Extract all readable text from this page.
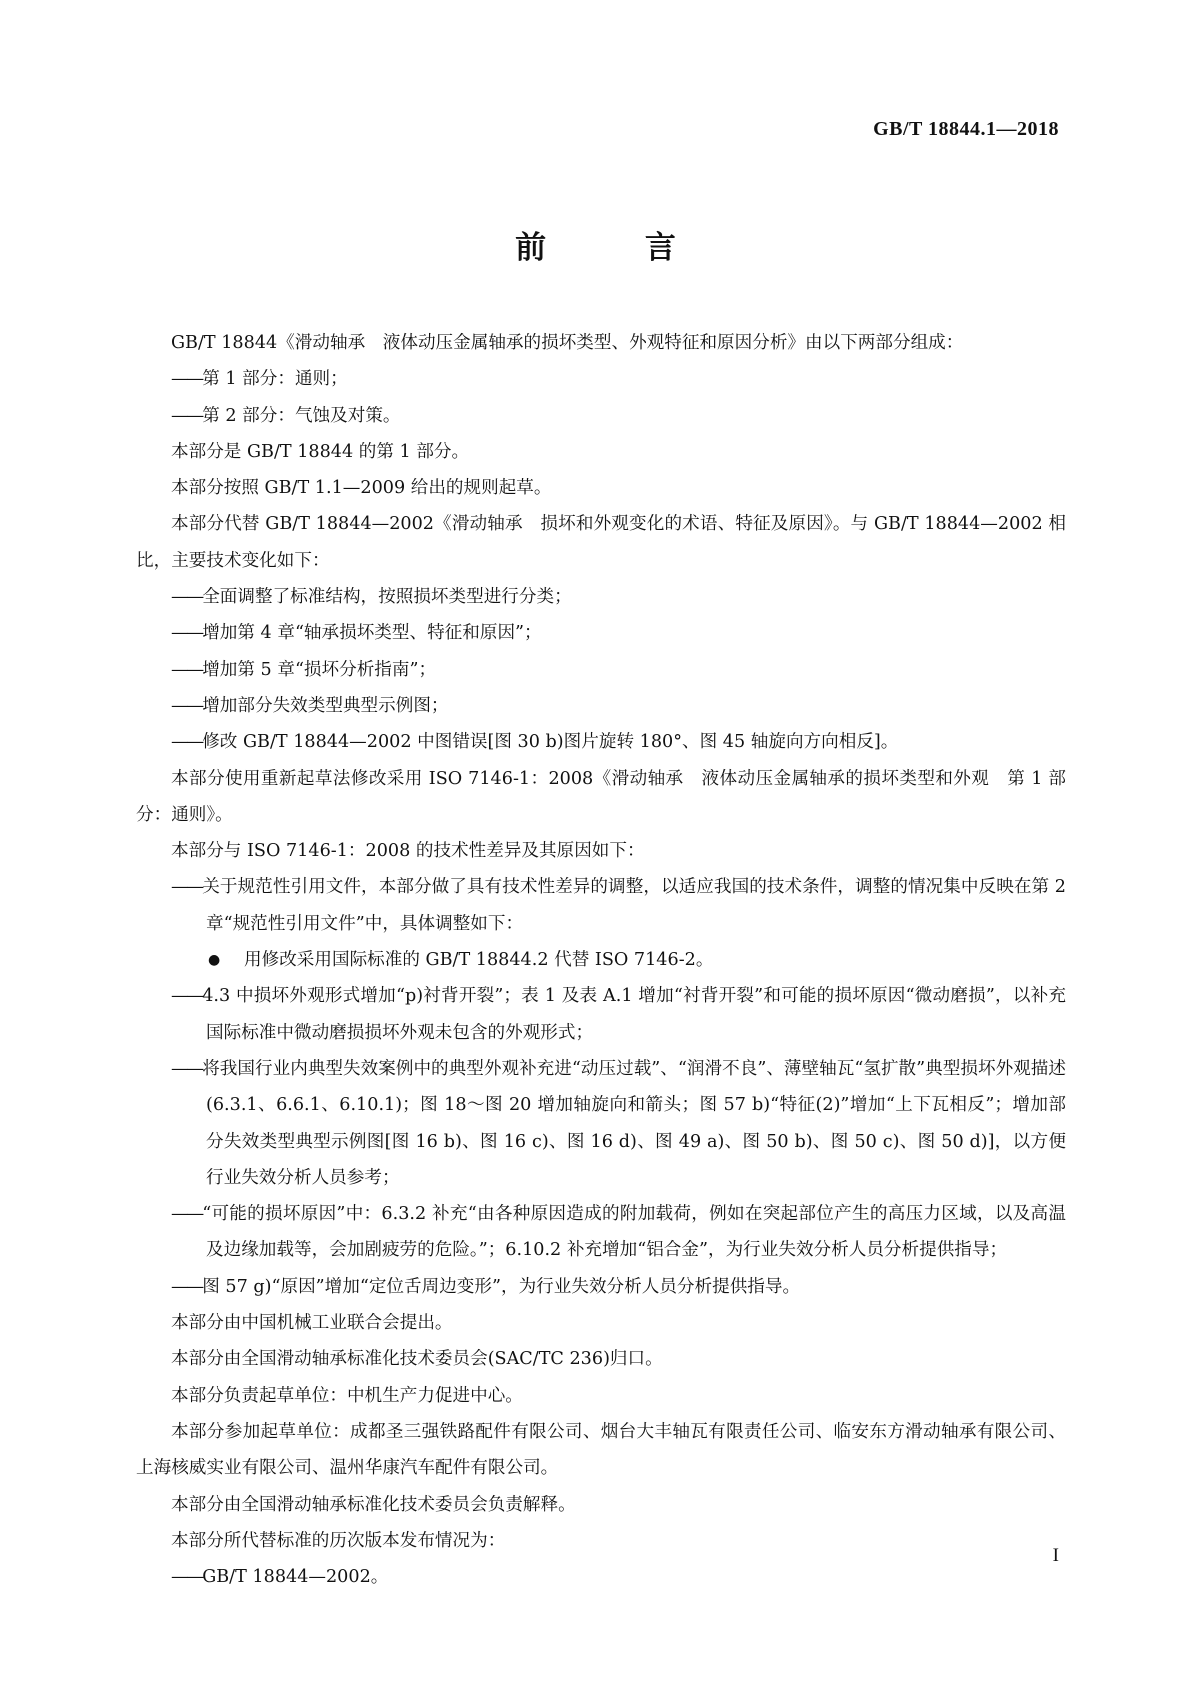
GB/T 18844.1—2018
前 言

GB/T 18844《滑动轴承　液体动压金属轴承的损坏类型、外观特征和原因分析》由以下两部分组成：

——第 1 部分：通则；

——第 2 部分：气蚀及对策。

本部分是 GB/T 18844 的第 1 部分。

本部分按照 GB/T 1.1—2009 给出的规则起草。

本部分代替 GB/T 18844—2002《滑动轴承　损坏和外观变化的术语、特征及原因》。与 GB/T 18844—2002 相比，主要技术变化如下：

——全面调整了标准结构，按照损坏类型进行分类；

——增加第 4 章“轴承损坏类型、特征和原因”；

——增加第 5 章“损坏分析指南”；

——增加部分失效类型典型示例图；

——修改 GB/T 18844—2002 中图错误[图 30 b)图片旋转 180°、图 45 轴旋向方向相反]。

本部分使用重新起草法修改采用 ISO 7146-1：2008《滑动轴承　液体动压金属轴承的损坏类型和外观　第 1 部分：通则》。

本部分与 ISO 7146-1：2008 的技术性差异及其原因如下：

——关于规范性引用文件，本部分做了具有技术性差异的调整，以适应我国的技术条件，调整的情况集中反映在第 2 章“规范性引用文件”中，具体调整如下：

● 用修改采用国际标准的 GB/T 18844.2 代替 ISO 7146-2。

——4.3 中损坏外观形式增加“p)衬背开裂”；表 1 及表 A.1 增加“衬背开裂”和可能的损坏原因“微动磨损”，以补充国际标准中微动磨损损坏外观未包含的外观形式；

——将我国行业内典型失效案例中的典型外观补充进“动压过载”、“润滑不良”、薄壁轴瓦“氢扩散”典型损坏外观描述(6.3.1、6.6.1、6.10.1)；图 18～图 20 增加轴旋向和箭头；图 57 b)“特征(2)”增加“上下瓦相反”；增加部分失效类型典型示例图[图 16 b)、图 16 c)、图 16 d)、图 49 a)、图 50 b)、图 50 c)、图 50 d)]，以方便行业失效分析人员参考；

——“可能的损坏原因”中：6.3.2 补充“由各种原因造成的附加载荷，例如在突起部位产生的高压力区域，以及高温及边缘加载等，会加剧疲劳的危险。”；6.10.2 补充增加“铝合金”，为行业失效分析人员分析提供指导；

——图 57 g)“原因”增加“定位舌周边变形”，为行业失效分析人员分析提供指导。

本部分由中国机械工业联合会提出。

本部分由全国滑动轴承标准化技术委员会(SAC/TC 236)归口。

本部分负责起草单位：中机生产力促进中心。

本部分参加起草单位：成都圣三强铁路配件有限公司、烟台大丰轴瓦有限责任公司、临安东方滑动轴承有限公司、上海核威实业有限公司、温州华康汽车配件有限公司。

本部分由全国滑动轴承标准化技术委员会负责解释。

本部分所代替标准的历次版本发布情况为：

——GB/T 18844—2002。

I
